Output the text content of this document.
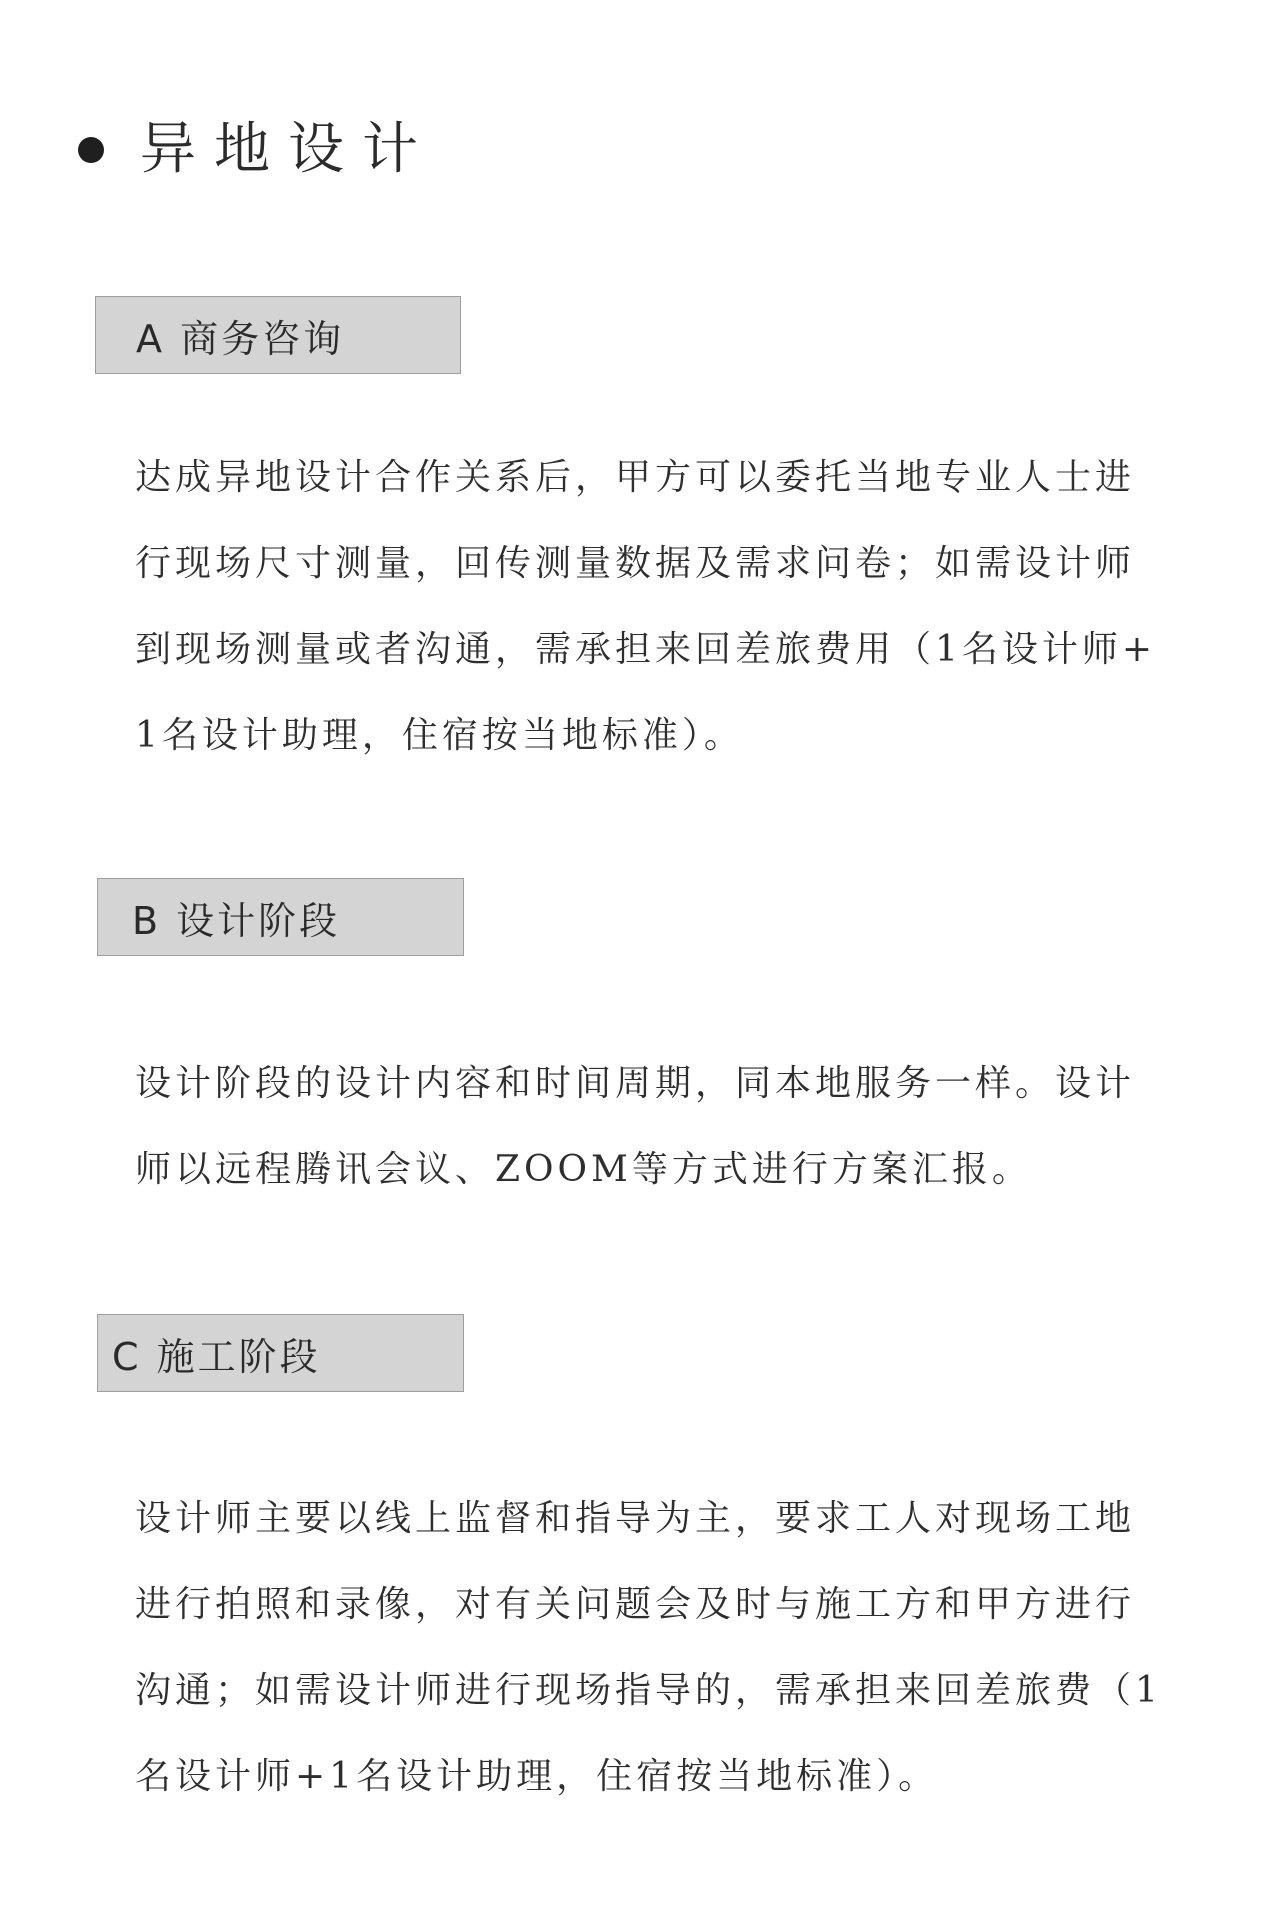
异地设计
A 商务咨询
达成异地设计合作关系后，甲方可以委托当地专业人士进
行现场尺寸测量，回传测量数据及需求问卷；如需设计师
到现场测量或者沟通，需承担来回差旅费用（1名设计师+
1名设计助理，住宿按当地标准）。
B 设计阶段
设计阶段的设计内容和时间周期，同本地服务一样。设计
师以远程腾讯会议、ZOOM等方式进行方案汇报。
C 施工阶段
设计师主要以线上监督和指导为主，要求工人对现场工地
进行拍照和录像，对有关问题会及时与施工方和甲方进行
沟通；如需设计师进行现场指导的，需承担来回差旅费（1
名设计师+1名设计助理，住宿按当地标准）。
